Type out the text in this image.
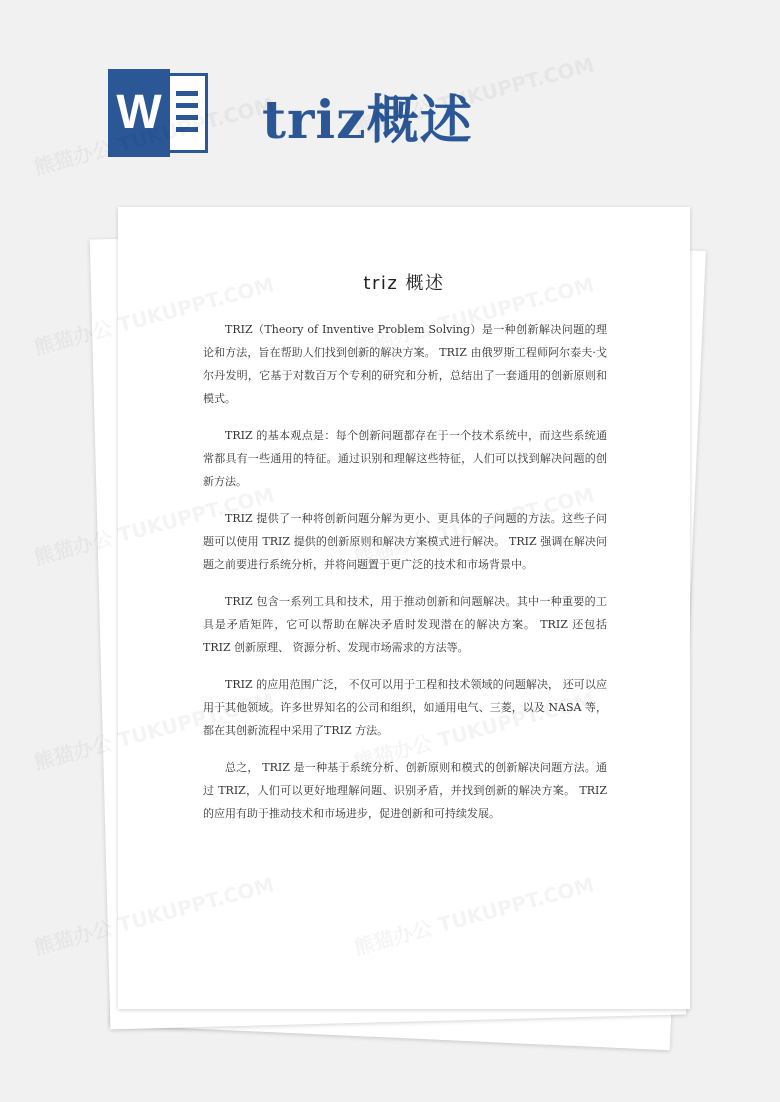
W triz概述
triz 概述

TRIZ（Theory of Inventive Problem Solving）是一种创新解决问题的理论和方法，旨在帮助人们找到创新的解决方案。 TRIZ 由俄罗斯工程师阿尔泰夫·戈尔丹发明，它基于对数百万个专利的研究和分析，总结出了一套通用的创新原则和模式。

TRIZ 的基本观点是：每个创新问题都存在于一个技术系统中，而这些系统通常都具有一些通用的特征。通过识别和理解这些特征，人们可以找到解决问题的创新方法。

TRIZ 提供了一种将创新问题分解为更小、更具体的子问题的方法。这些子问题可以使用 TRIZ 提供的创新原则和解决方案模式进行解决。 TRIZ 强调在解决问题之前要进行系统分析，并将问题置于更广泛的技术和市场背景中。

TRIZ 包含一系列工具和技术，用于推动创新和问题解决。其中一种重要的工具是矛盾矩阵，它可以帮助在解决矛盾时发现潜在的解决方案。 TRIZ 还包括 TRIZ 创新原理、 资源分析、发现市场需求的方法等。

TRIZ 的应用范围广泛， 不仅可以用于工程和技术领域的问题解决， 还可以应用于其他领域。许多世界知名的公司和组织，如通用电气、三菱，以及 NASA 等，都在其创新流程中采用了TRIZ 方法。

总之， TRIZ 是一种基于系统分析、创新原则和模式的创新解决问题方法。通过 TRIZ，人们可以更好地理解问题、识别矛盾，并找到创新的解决方案。 TRIZ 的应用有助于推动技术和市场进步，促进创新和可持续发展。
